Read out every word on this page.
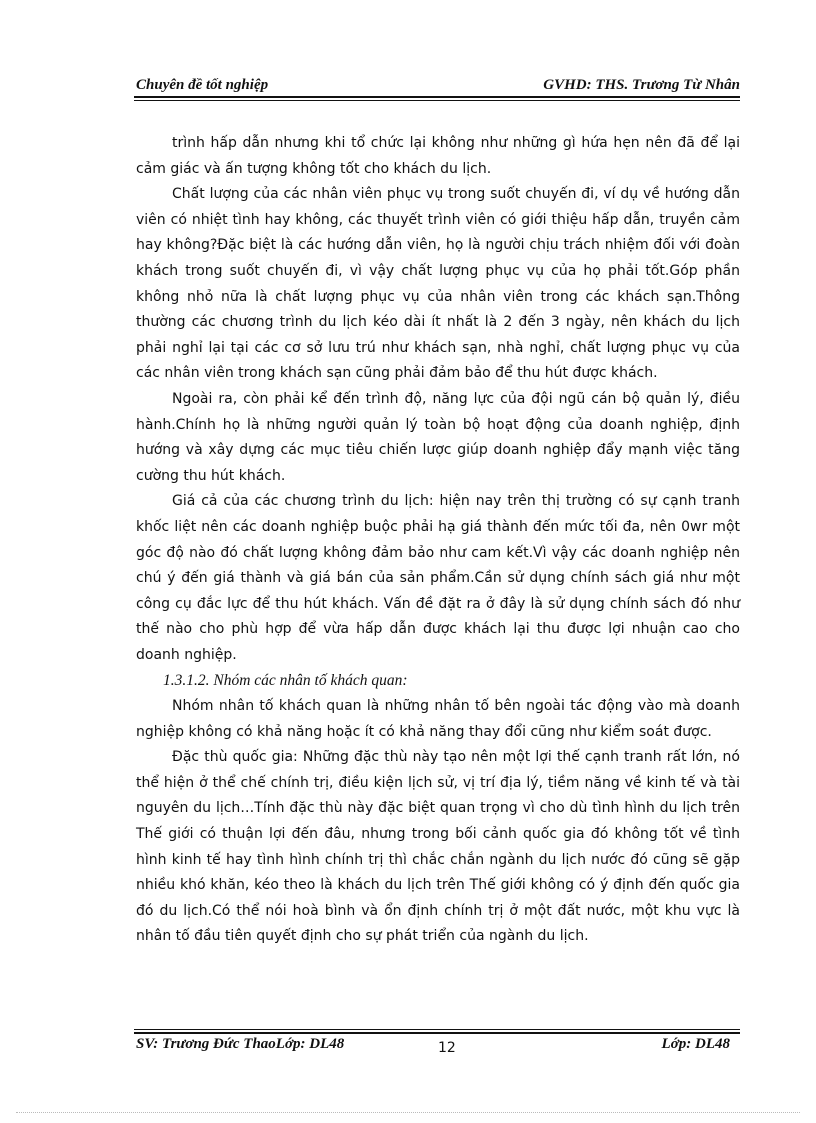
Chuyên đề tốt nghiệp	GVHD: THS. Trương Từ Nhân

trình hấp dẫn nhưng khi tổ chức lại không như những gì hứa hẹn nên đã để lại cảm giác và ấn tượng không tốt cho khách du lịch.

Chất lượng của các nhân viên phục vụ trong suốt chuyến đi, ví dụ về hướng dẫn viên có nhiệt tình hay không, các thuyết trình viên có giới thiệu hấp dẫn, truyền cảm hay không?Đặc biệt là các hướng dẫn viên, họ là người chịu trách nhiệm đối với đoàn khách trong suốt chuyến đi, vì vậy chất lượng phục vụ của họ phải tốt.Góp phần không nhỏ nữa là chất lượng phục vụ của nhân viên trong các khách sạn.Thông thường các chương trình du lịch kéo dài ít nhất là 2 đến 3 ngày, nên khách du lịch phải nghỉ lại tại các cơ sở lưu trú như khách sạn, nhà nghỉ, chất lượng phục vụ của các nhân viên trong khách sạn cũng phải đảm bảo để thu hút được khách.

Ngoài ra, còn phải kể đến trình độ, năng lực của đội ngũ cán bộ quản lý, điều hành.Chính họ là những người quản lý toàn bộ hoạt động của doanh nghiệp, định hướng và xây dựng các mục tiêu chiến lược giúp doanh nghiệp đẩy mạnh việc tăng cường thu hút khách.

Giá cả của các chương trình du lịch: hiện nay trên thị trường có sự cạnh tranh khốc liệt nên các doanh nghiệp buộc phải hạ giá thành đến mức tối đa, nên 0wr một góc độ nào đó chất lượng không đảm bảo như cam kết.Vì vậy các doanh nghiệp nên chú ý đến giá thành và giá bán của sản phẩm.Cần sử dụng chính sách giá như một công cụ đắc lực để thu hút khách. Vấn đề đặt ra ở đây là sử dụng chính sách đó như thế nào cho phù hợp để vừa hấp dẫn được khách lại thu được lợi nhuận cao cho doanh nghiệp.

1.3.1.2. Nhóm các nhân tố khách quan:

Nhóm nhân tố khách quan là những nhân tố bên ngoài tác động vào mà doanh nghiệp không có khả năng hoặc ít có khả năng thay đổi cũng như kiểm soát được.

Đặc thù quốc gia: Những đặc thù này tạo nên một lợi thế cạnh tranh rất lớn, nó thể hiện ở thể chế chính trị, điều kiện lịch sử, vị trí địa lý, tiềm năng về kinh tế và tài nguyên du lịch…Tính đặc thù này đặc biệt quan trọng vì cho dù tình hình du lịch trên Thế giới có thuận lợi đến đâu, nhưng trong bối cảnh quốc gia đó không tốt về tình hình kinh tế hay tình hình chính trị thì chắc chắn ngành du lịch nước đó cũng sẽ gặp nhiều khó khăn, kéo theo là khách du lịch trên Thế giới không có ý định đến quốc gia đó du lịch.Có thể nói hoà bình và ổn định chính trị ở một đất nước, một khu vực là nhân tố đầu tiên quyết định cho sự phát triển của ngành du lịch.

SV: Trương Đức ThaoLớp: DL48	12	Lớp: DL48
